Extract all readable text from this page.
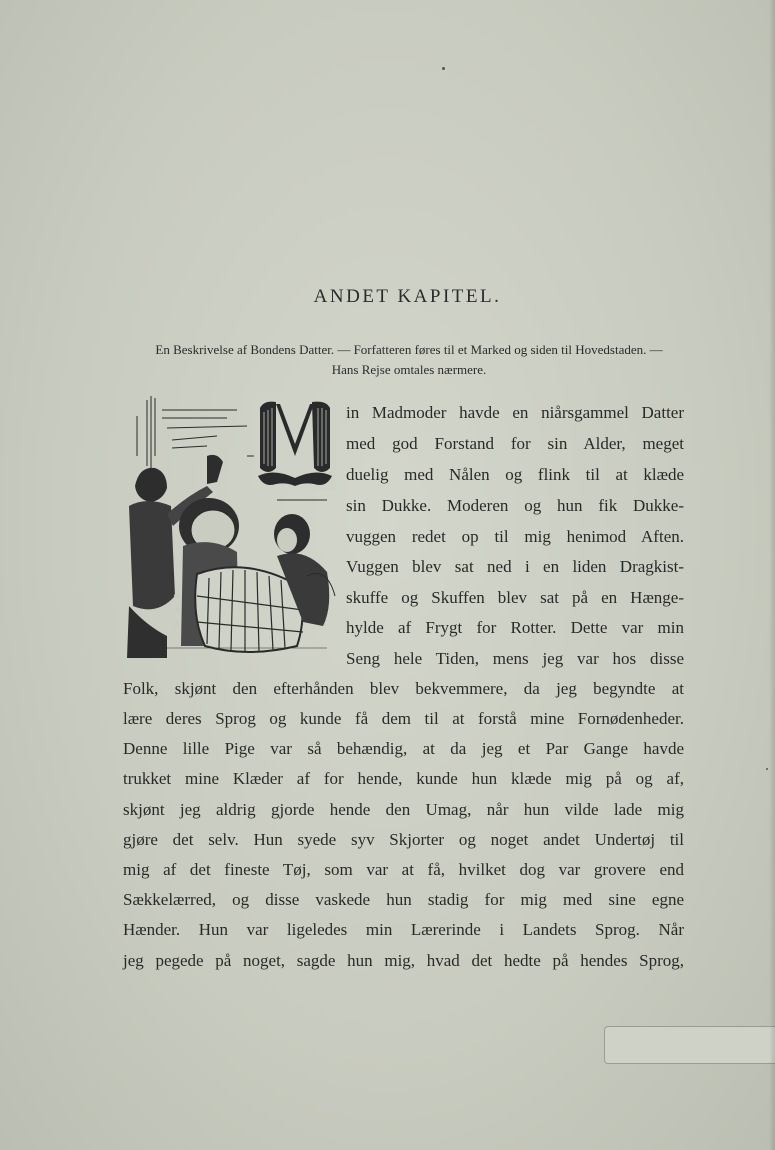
ANDET KAPITEL.
En Beskrivelse af Bondens Datter. — Forfatteren føres til et Marked og siden til Hovedstaden. —
Hans Rejse omtales nærmere.
M
in Madmoder havde en niårsgammel Datter
med god Forstand for sin Alder, meget
duelig med Nålen og flink til at klæde
sin Dukke. Moderen og hun fik Dukke-
vuggen redet op til mig henimod Aften.
Vuggen blev sat ned i en liden Dragkist-
skuffe og Skuffen blev sat på en Hænge-
hylde af Frygt for Rotter. Dette var min
Seng hele Tiden, mens jeg var hos disse
Folk, skjønt den efterhånden blev bekvemmere, da jeg begyndte at
lære deres Sprog og kunde få dem til at forstå mine Fornødenheder.
Denne lille Pige var så behændig, at da jeg et Par Gange havde
trukket mine Klæder af for hende, kunde hun klæde mig på og af,
skjønt jeg aldrig gjorde hende den Umag, når hun vilde lade mig
gjøre det selv. Hun syede syv Skjorter og noget andet Undertøj til
mig af det fineste Tøj, som var at få, hvilket dog var grovere end
Sækkelærred, og disse vaskede hun stadig for mig med sine egne
Hænder. Hun var ligeledes min Lærerinde i Landets Sprog. Når
jeg pegede på noget, sagde hun mig, hvad det hedte på hendes Sprog,
